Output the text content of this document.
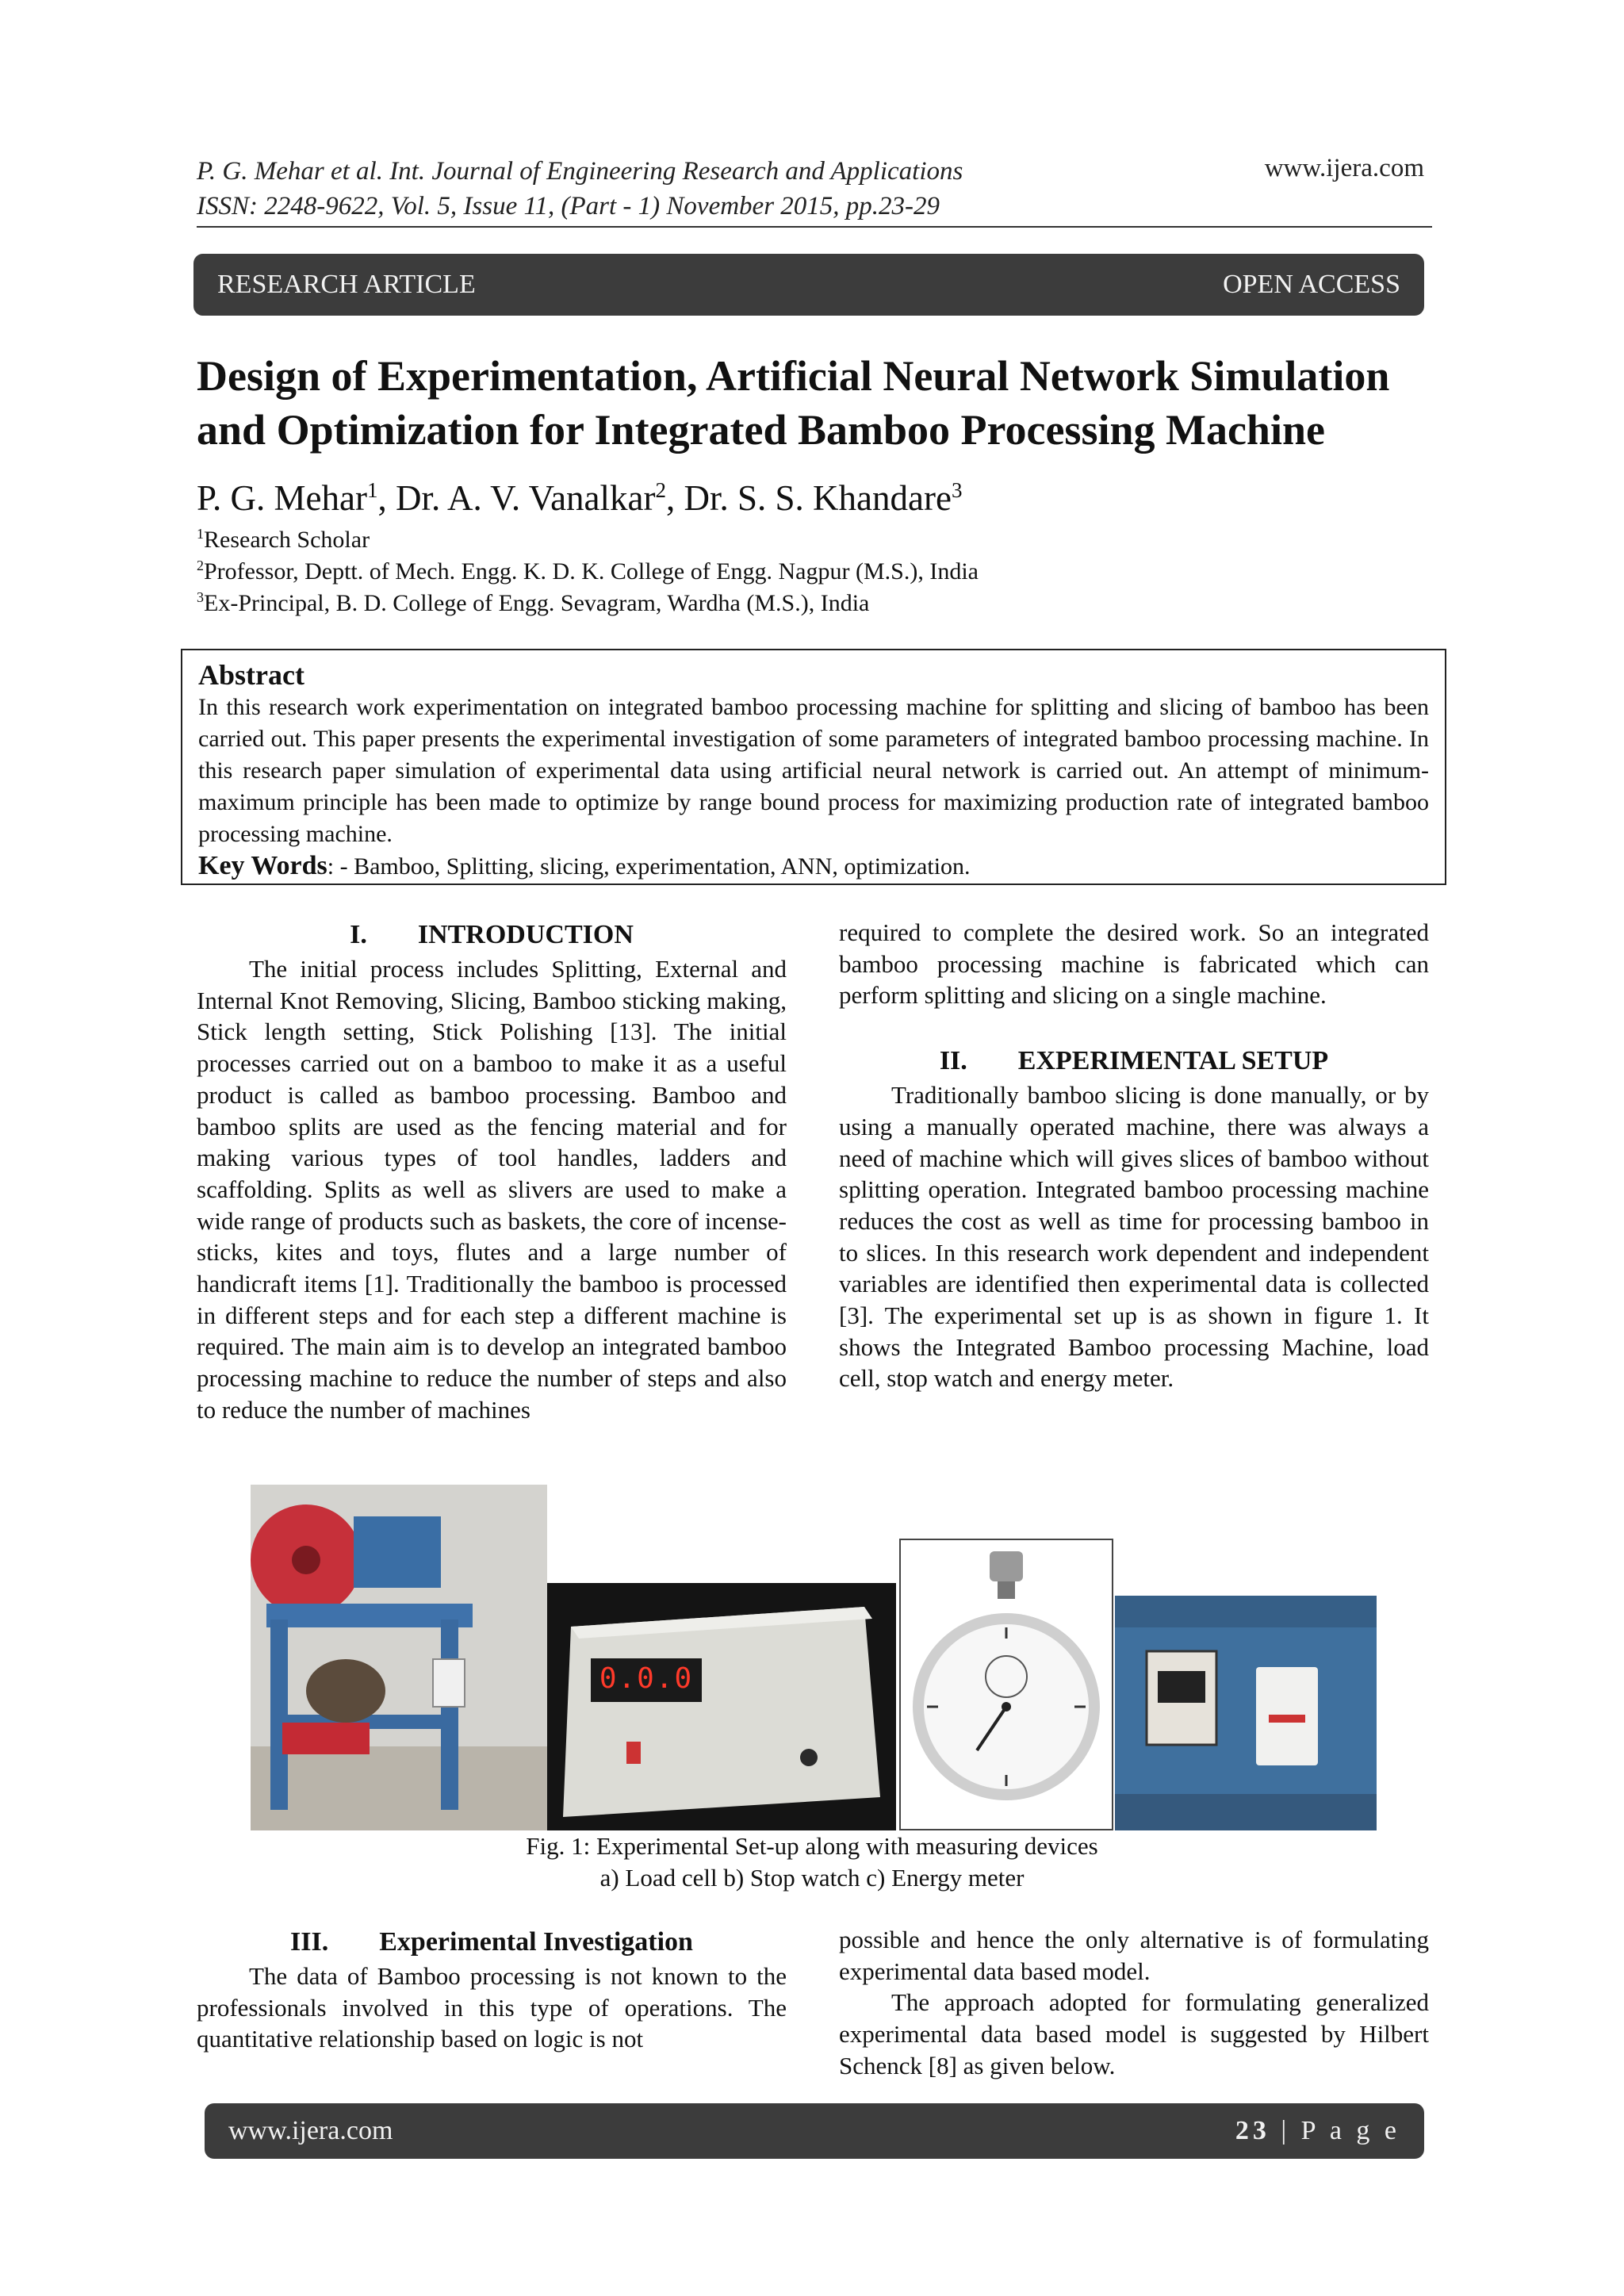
P. G. Mehar et al. Int. Journal of Engineering Research and Applications
ISSN: 2248-9622, Vol. 5, Issue 11, (Part - 1) November 2015, pp.23-29
www.ijera.com
RESEARCH ARTICLE	OPEN ACCESS
Design of Experimentation, Artificial Neural Network Simulation
and Optimization for Integrated Bamboo Processing Machine
P. G. Mehar$^1$, Dr. A. V. Vanalkar$^2$, Dr. S. S. Khandare$^3$
$^1$Research Scholar
$^2$Professor, Deptt. of Mech. Engg. K. D. K. College of Engg. Nagpur (M.S.), India
$^3$Ex-Principal, B. D. College of Engg. Sevagram, Wardha (M.S.), India
Abstract

In this research work experimentation on integrated bamboo processing machine for splitting and slicing of bamboo has been carried out. This paper presents the experimental investigation of some parameters of integrated bamboo processing machine. In this research paper simulation of experimental data using artificial neural network is carried out. An attempt of minimum-maximum principle has been made to optimize by range bound process for maximizing production rate of integrated bamboo processing machine.

Key Words: - Bamboo, Splitting, slicing, experimentation, ANN, optimization.
I. INTRODUCTION

The initial process includes Splitting, External and Internal Knot Removing, Slicing, Bamboo sticking making, Stick length setting, Stick Polishing [13]. The initial processes carried out on a bamboo to make it as a useful product is called as bamboo processing. Bamboo and bamboo splits are used as the fencing material and for making various types of tool handles, ladders and scaffolding. Splits as well as slivers are used to make a wide range of products such as baskets, the core of incense-sticks, kites and toys, flutes and a large number of handicraft items [1]. Traditionally the bamboo is processed in different steps and for each step a different machine is required. The main aim is to develop an integrated bamboo processing machine to reduce the number of steps and also to reduce the number of machines

required to complete the desired work. So an integrated bamboo processing machine is fabricated which can perform splitting and slicing on a single machine.

II. EXPERIMENTAL SETUP

Traditionally bamboo slicing is done manually, or by using a manually operated machine, there was always a need of machine which will gives slices of bamboo without splitting operation. Integrated bamboo processing machine reduces the cost as well as time for processing bamboo in to slices. In this research work dependent and independent variables are identified then experimental data is collected [3]. The experimental set up is as shown in figure 1. It shows the Integrated Bamboo processing Machine, load cell, stop watch and energy meter.

0.0.0
Fig. 1: Experimental Set-up along with measuring devices
a) Load cell b) Stop watch c) Energy meter
III. Experimental Investigation

The data of Bamboo processing is not known to the professionals involved in this type of operations. The quantitative relationship based on logic is not

possible and hence the only alternative is of formulating experimental data based model.

The approach adopted for formulating generalized experimental data based model is suggested by Hilbert Schenck [8] as given below.

www.ijera.com	23 | P a g e
